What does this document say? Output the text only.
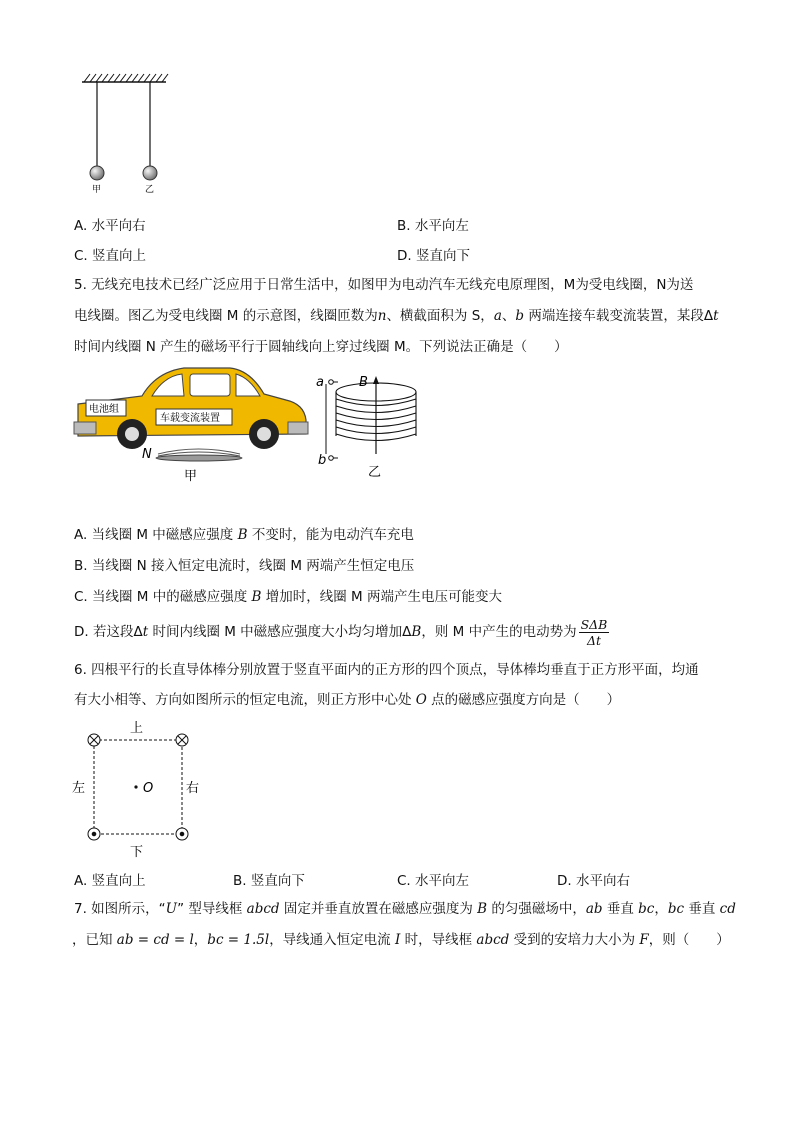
甲	乙
A. 水平向右	B. 水平向左
C. 竖直向上	D. 竖直向下
5. 无线充电技术已经广泛应用于日常生活中，如图甲为电动汽车无线充电原理图，M为受电线圈，N为送
电线圈。图乙为受电线圈 M 的示意图，线圈匝数为n、横截面积为 S，a、b 两端连接车载变流装置，某段Δt
时间内线圈 N 产生的磁场平行于圆轴线向上穿过线圈 M。下列说法正确是（　　）
电池组
车载变流装置
N
甲
a
b
B
乙
A. 当线圈 M 中磁感应强度 B 不变时，能为电动汽车充电
B. 当线圈 N 接入恒定电流时，线圈 M 两端产生恒定电压
C. 当线圈 M 中的磁感应强度 B 增加时，线圈 M 两端产生电压可能变大
D. 若这段Δt 时间内线圈 M 中磁感应强度大小均匀增加ΔB，则 M 中产生的电动势为 $\frac{\text{SΔB}}{\Delta t}$
6. 四根平行的长直导体棒分别放置于竖直平面内的正方形的四个顶点，导体棒均垂直于正方形平面，均通
有大小相等、方向如图所示的恒定电流，则正方形中心处 O 点的磁感应强度方向是（　　）
上
下
左	右
O
A. 竖直向上	B. 竖直向下	C. 水平向左	D. 水平向右
7. 如图所示，“U” 型导线框 abcd 固定并垂直放置在磁感应强度为 B 的匀强磁场中，ab 垂直 bc，bc 垂直 cd
，已知 ab = cd = l，bc = 1.5l，导线通入恒定电流 I 时，导线框 abcd 受到的安培力大小为 F，则（　　）
